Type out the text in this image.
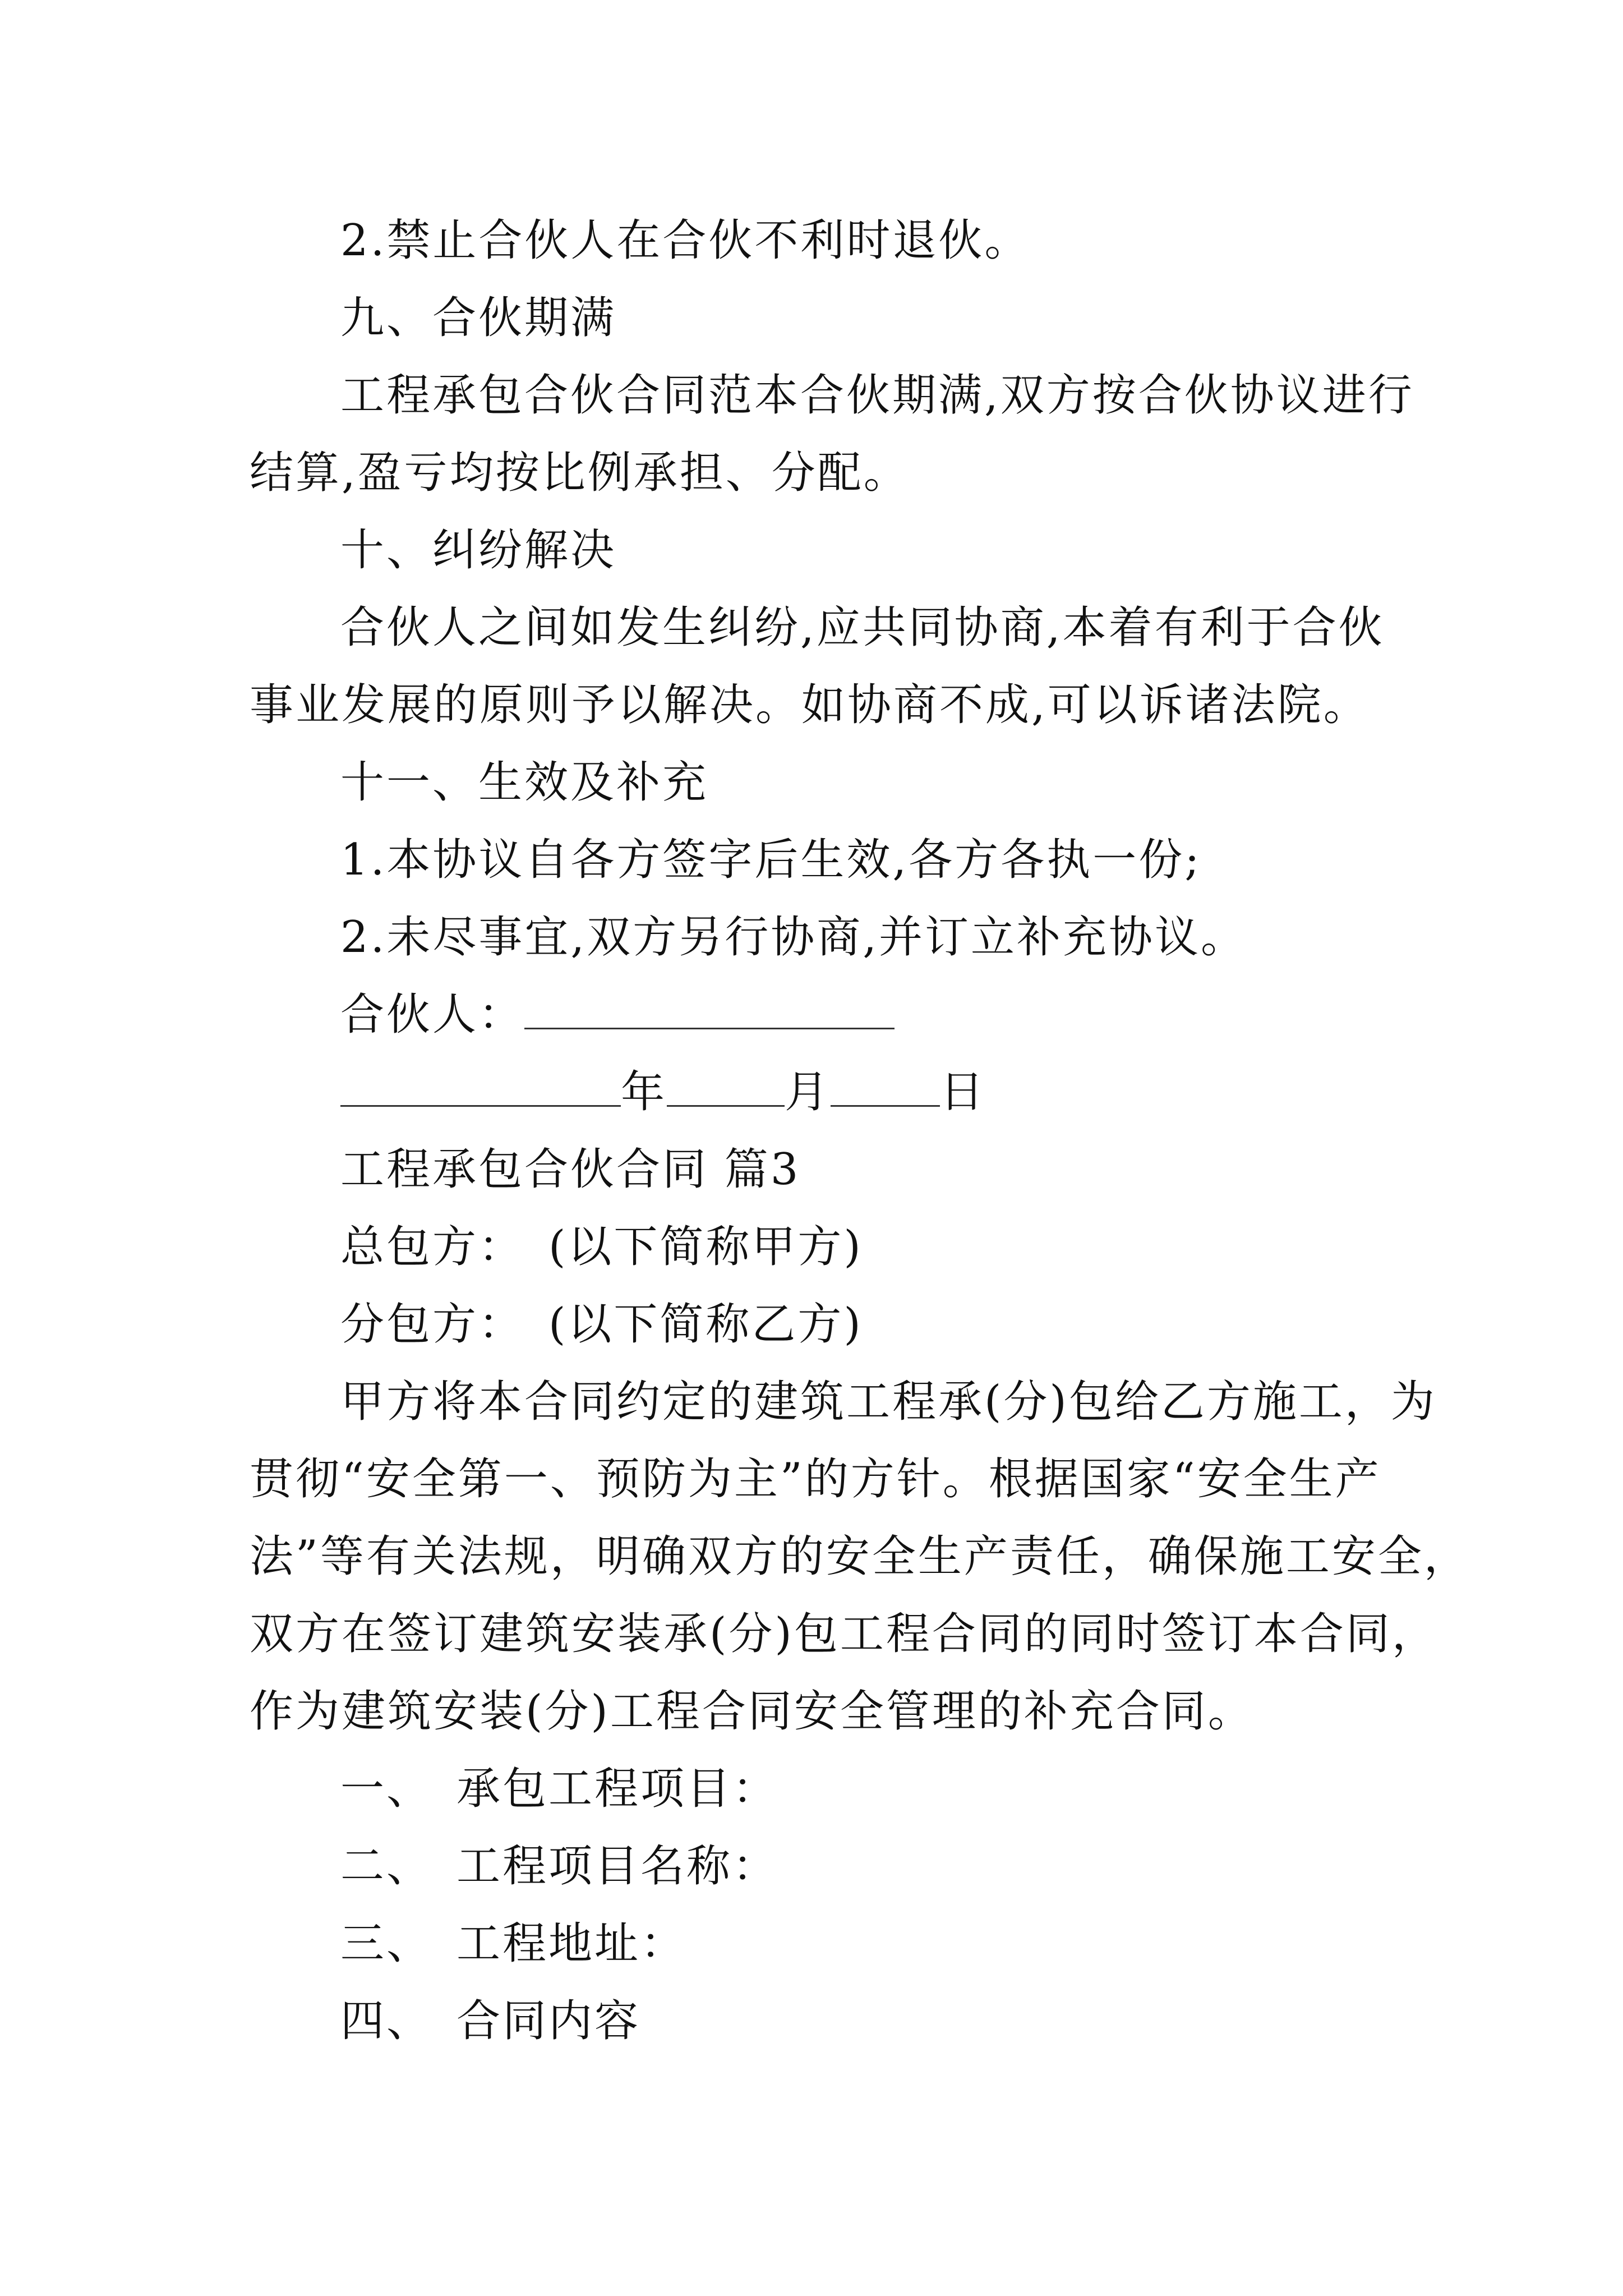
2.禁止合伙人在合伙不利时退伙。
九、合伙期满
工程承包合伙合同范本合伙期满,双方按合伙协议进行
结算,盈亏均按比例承担、分配。
十、纠纷解决
合伙人之间如发生纠纷,应共同协商,本着有利于合伙
事业发展的原则予以解决。如协商不成,可以诉诸法院。
十一、生效及补充
1.本协议自各方签字后生效,各方各执一份;
2.未尽事宜,双方另行协商,并订立补充协议。
合伙人：
年	月	日
工程承包合伙合同 篇3
总包方：　(以下简称甲方)
分包方：　(以下简称乙方)
甲方将本合同约定的建筑工程承(分)包给乙方施工，为
贯彻“安全第一、预防为主”的方针。根据国家“安全生产
法”等有关法规，明确双方的安全生产责任，确保施工安全，
双方在签订建筑安装承(分)包工程合同的同时签订本合同，
作为建筑安装(分)工程合同安全管理的补充合同。
一、　承包工程项目：
二、　工程项目名称：
三、　工程地址：
四、　合同内容
